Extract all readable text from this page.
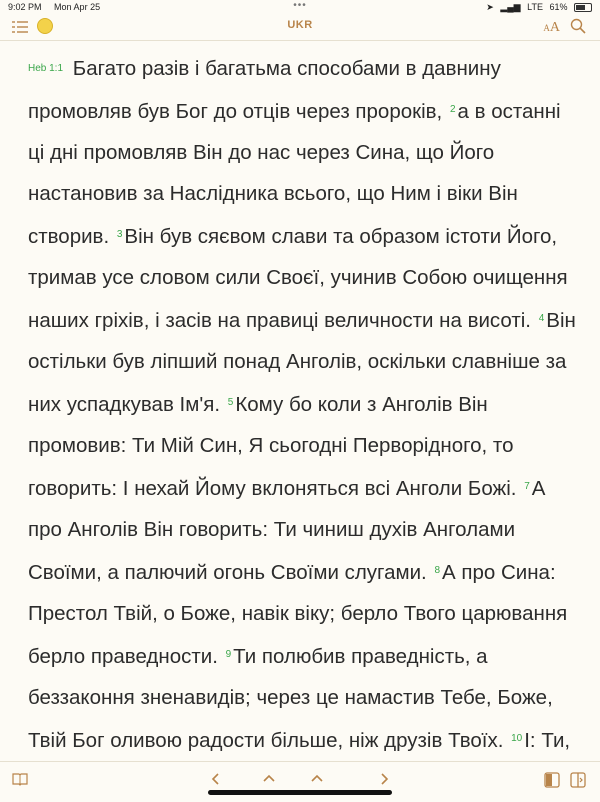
9:02 PM Mon Apr 25	•••	➤ ▂▄▆ LTE 61%
UKR	AA
Heb 1:1 Багато разів і багатьма способами в давнину промовляв був Бог до отців через пророків, $^2$а в останні ці дні промовляв Він до нас через Сина, що Його настановив за Наслідника всього, що Ним і віки Він створив. $^3$Він був сяєвом слави та образом істоти Його, тримав усе словом сили Своєї, учинив Собою очищення наших гріхів, і засів на правиці величности на висоті. $^4$Він остільки був ліпший понад Анголів, оскільки славніше за них успадкував Ім'я. $^5$Кому бо коли з Анголів Він промовив: Ти Мій Син, Я сьогодні Перворідного, то говорить: І нехай Йому вклоняться всі Анголи Божі. $^7$А про Анголів Він говорить: Ти чиниш духів Анголами Своїми, а палючий огонь Своїми слугами. $^8$А про Сина: Престол Твій, о Боже, навік віку; берло Твого царювання берло праведности. $^9$Ти полюбив праведність, а беззаконня зненавидів; через це намастив Тебе, Боже, Твій Бог оливою радости більше, ніж друзів Твоїх. $^{10}$І: Ти,
